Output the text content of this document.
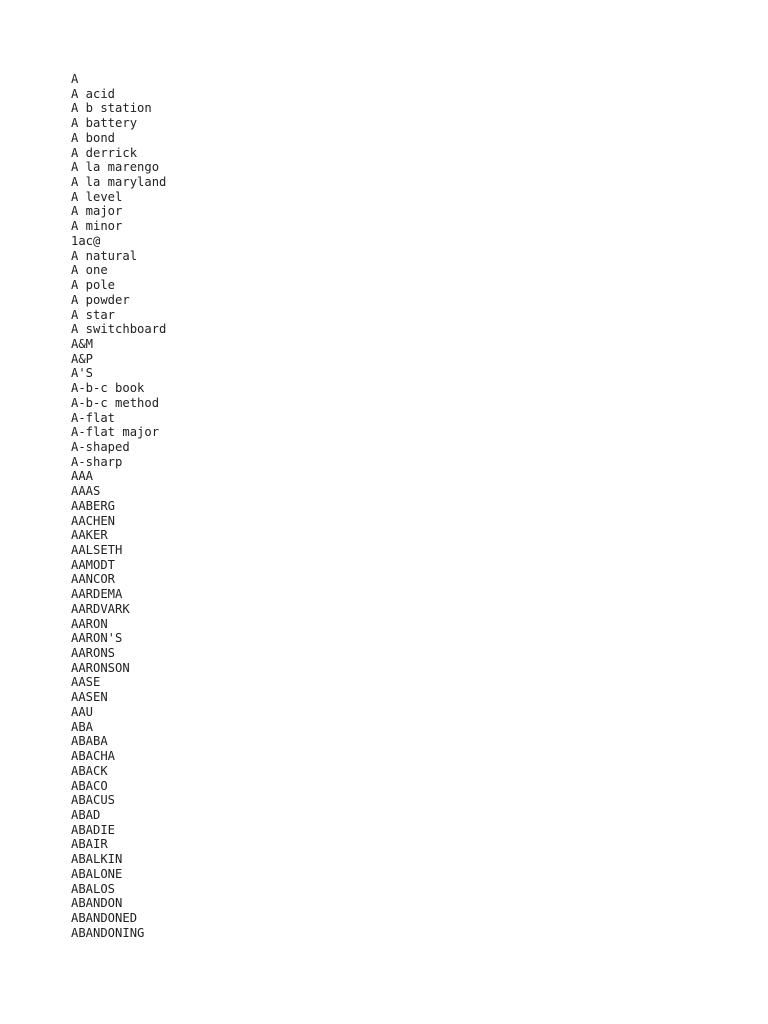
A
A acid
A b station
A battery
A bond
A derrick
A la marengo
A la maryland
A level
A major
A minor
1ac@
A natural
A one
A pole
A powder
A star
A switchboard
A&M
A&P
A'S
A-b-c book
A-b-c method
A-flat
A-flat major
A-shaped
A-sharp
AAA
AAAS
AABERG
AACHEN
AAKER
AALSETH
AAMODT
AANCOR
AARDEMA
AARDVARK
AARON
AARON'S
AARONS
AARONSON
AASE
AASEN
AAU
ABA
ABABA
ABACHA
ABACK
ABACO
ABACUS
ABAD
ABADIE
ABAIR
ABALKIN
ABALONE
ABALOS
ABANDON
ABANDONED
ABANDONING
